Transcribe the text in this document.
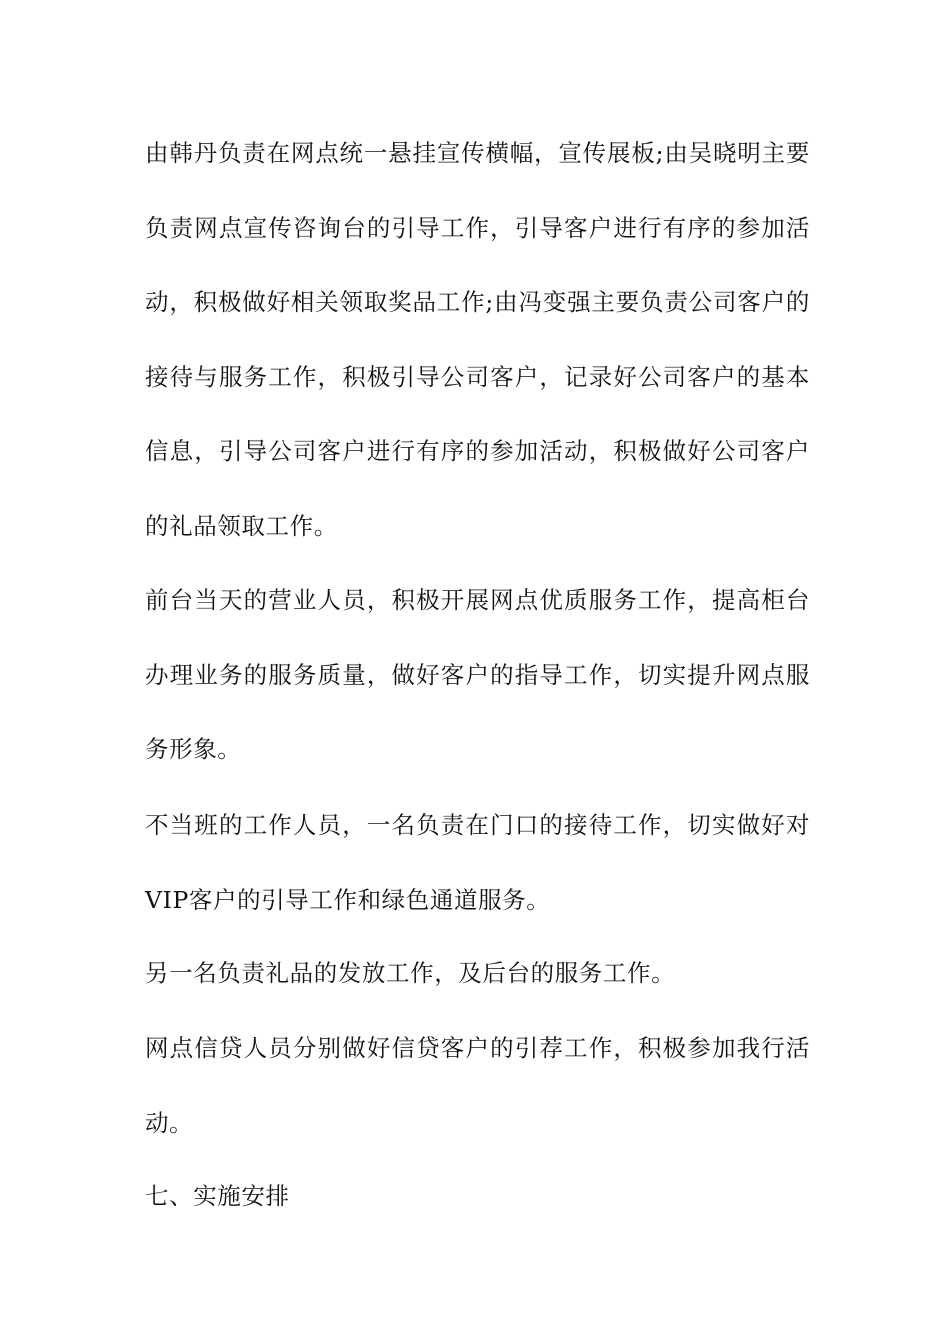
由韩丹负责在网点统一悬挂宣传横幅，宣传展板;由吴晓明主要负责网点宣传咨询台的引导工作，引导客户进行有序的参加活动，积极做好相关领取奖品工作;由冯变强主要负责公司客户的接待与服务工作，积极引导公司客户，记录好公司客户的基本信息，引导公司客户进行有序的参加活动，积极做好公司客户的礼品领取工作。

前台当天的营业人员，积极开展网点优质服务工作，提高柜台办理业务的服务质量，做好客户的指导工作，切实提升网点服务形象。

不当班的工作人员，一名负责在门口的接待工作，切实做好对VIP客户的引导工作和绿色通道服务。

另一名负责礼品的发放工作，及后台的服务工作。

网点信贷人员分别做好信贷客户的引荐工作，积极参加我行活动。

七、实施安排
